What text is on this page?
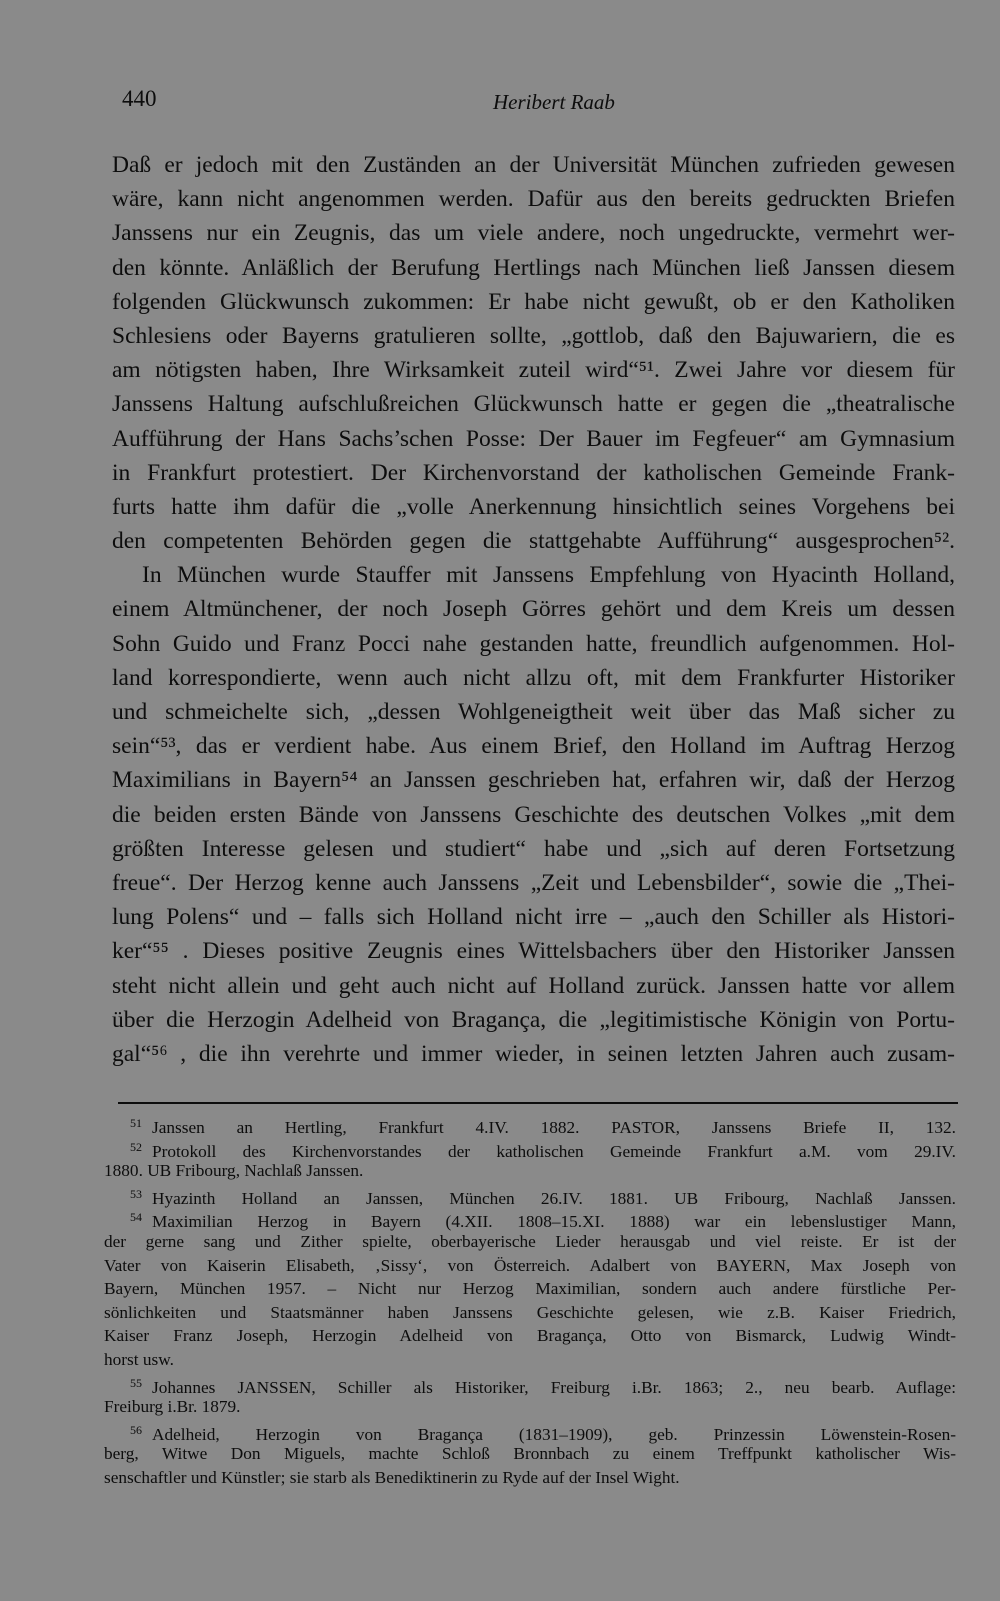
440	Heribert Raab

Daß er jedoch mit den Zuständen an der Universität München zufrieden gewesen
wäre, kann nicht angenommen werden. Dafür aus den bereits gedruckten Briefen
Janssens nur ein Zeugnis, das um viele andere, noch ungedruckte, vermehrt wer-
den könnte. Anläßlich der Berufung Hertlings nach München ließ Janssen diesem
folgenden Glückwunsch zukommen: Er habe nicht gewußt, ob er den Katholiken
Schlesiens oder Bayerns gratulieren sollte, „gottlob, daß den Bajuwariern, die es
am nötigsten haben, Ihre Wirksamkeit zuteil wird“⁵¹. Zwei Jahre vor diesem für
Janssens Haltung aufschlußreichen Glückwunsch hatte er gegen die „theatralische
Aufführung der Hans Sachs’schen Posse: Der Bauer im Fegfeuer“ am Gymnasium
in Frankfurt protestiert. Der Kirchenvorstand der katholischen Gemeinde Frank-
furts hatte ihm dafür die „volle Anerkennung hinsichtlich seines Vorgehens bei
den competenten Behörden gegen die stattgehabte Aufführung“ ausgesprochen⁵².
In München wurde Stauffer mit Janssens Empfehlung von Hyacinth Holland,
einem Altmünchener, der noch Joseph Görres gehört und dem Kreis um dessen
Sohn Guido und Franz Pocci nahe gestanden hatte, freundlich aufgenommen. Hol-
land korrespondierte, wenn auch nicht allzu oft, mit dem Frankfurter Historiker
und schmeichelte sich, „dessen Wohlgeneigtheit weit über das Maß sicher zu
sein“⁵³, das er verdient habe. Aus einem Brief, den Holland im Auftrag Herzog
Maximilians in Bayern⁵⁴ an Janssen geschrieben hat, erfahren wir, daß der Herzog
die beiden ersten Bände von Janssens Geschichte des deutschen Volkes „mit dem
größten Interesse gelesen und studiert“ habe und „sich auf deren Fortsetzung
freue“. Der Herzog kenne auch Janssens „Zeit und Lebensbilder“, sowie die „Thei-
lung Polens“ und – falls sich Holland nicht irre – „auch den Schiller als Histori-
ker“⁵⁵ . Dieses positive Zeugnis eines Wittelsbachers über den Historiker Janssen
steht nicht allein und geht auch nicht auf Holland zurück. Janssen hatte vor allem
über die Herzogin Adelheid von Bragança, die „legitimistische Königin von Portu-
gal“⁵⁶ , die ihn verehrte und immer wieder, in seinen letzten Jahren auch zusam-
51 Janssen an Hertling, Frankfurt 4.IV. 1882. PASTOR, Janssens Briefe II, 132.
52 Protokoll des Kirchenvorstandes der katholischen Gemeinde Frankfurt a.M. vom 29.IV.
1880. UB Fribourg, Nachlaß Janssen.
53 Hyazinth Holland an Janssen, München 26.IV. 1881. UB Fribourg, Nachlaß Janssen.
54 Maximilian Herzog in Bayern (4.XII. 1808–15.XI. 1888) war ein lebenslustiger Mann,
der gerne sang und Zither spielte, oberbayerische Lieder herausgab und viel reiste. Er ist der
Vater von Kaiserin Elisabeth, ‚Sissy‘, von Österreich. Adalbert von BAYERN, Max Joseph von
Bayern, München 1957. – Nicht nur Herzog Maximilian, sondern auch andere fürstliche Per-
sönlichkeiten und Staatsmänner haben Janssens Geschichte gelesen, wie z.B. Kaiser Friedrich,
Kaiser Franz Joseph, Herzogin Adelheid von Bragança, Otto von Bismarck, Ludwig Windt-
horst usw.
55 Johannes JANSSEN, Schiller als Historiker, Freiburg i.Br. 1863; 2., neu bearb. Auflage:
Freiburg i.Br. 1879.
56 Adelheid, Herzogin von Bragança (1831–1909), geb. Prinzessin Löwenstein-Rosen-
berg, Witwe Don Miguels, machte Schloß Bronnbach zu einem Treffpunkt katholischer Wis-
senschaftler und Künstler; sie starb als Benediktinerin zu Ryde auf der Insel Wight.
